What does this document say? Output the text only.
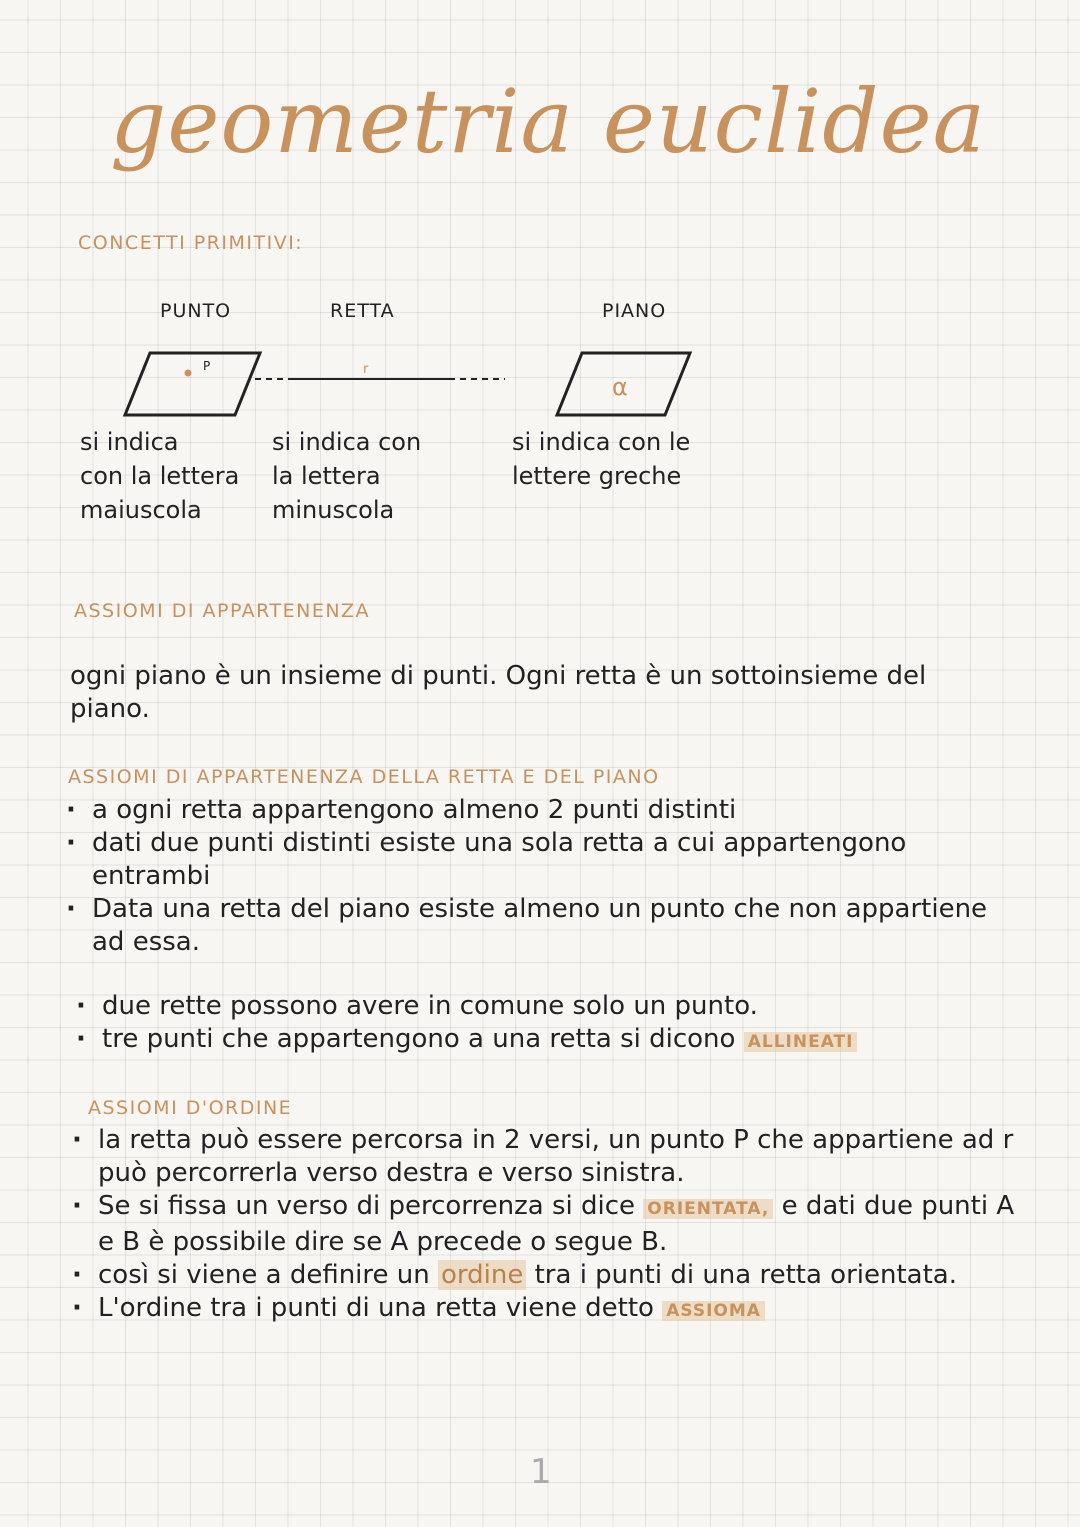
geometria euclidea
CONCETTI PRIMITIVI:
PUNTO	RETTA	PIANO
P	r
α
si indica
con la lettera
maiuscola
si indica con
la lettera
minuscola
si indica con le
lettere greche
ASSIOMI DI APPARTENENZA
ogni piano è un insieme di punti. Ogni retta è un sottoinsieme del piano.
ASSIOMI DI APPARTENENZA DELLA RETTA E DEL PIANO
· a ogni retta appartengono almeno 2 punti distinti
· dati due punti distinti esiste una sola retta a cui appartengono entrambi
· Data una retta del piano esiste almeno un punto che non appartiene ad essa.
· due rette possono avere in comune solo un punto.
· tre punti che appartengono a una retta si dicono ALLINEATI
ASSIOMI D'ORDINE
· la retta può essere percorsa in 2 versi, un punto P che appartiene ad r può percorrerla verso destra e verso sinistra.
· Se si fissa un verso di percorrenza si dice ORIENTATA, e dati due punti A e B è possibile dire se A precede o segue B.
· così si viene a definire un ordine tra i punti di una retta orientata.
· L'ordine tra i punti di una retta viene detto ASSIOMA
1
